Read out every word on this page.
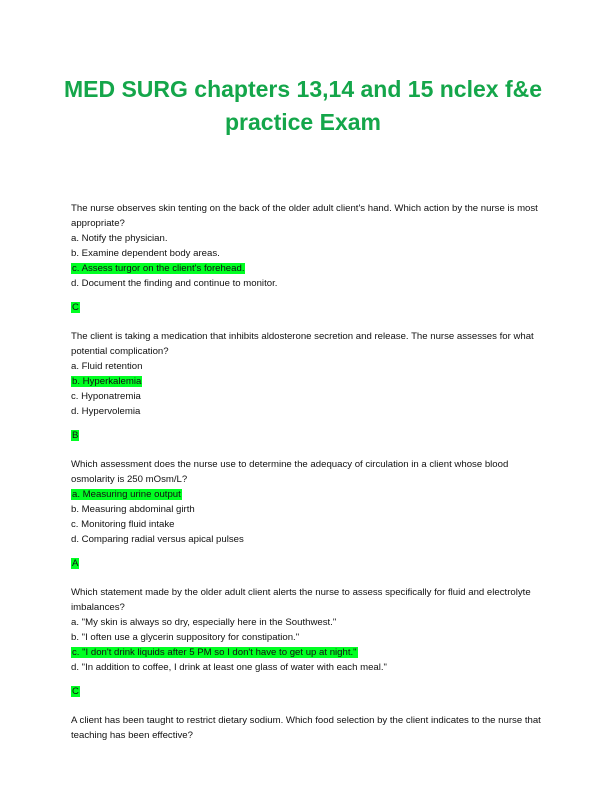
MED SURG chapters 13,14 and 15 nclex f&e
practice Exam

The nurse observes skin tenting on the back of the older adult client's hand. Which action by the nurse is most appropriate?

a. Notify the physician.

b. Examine dependent body areas.

c. Assess turgor on the client's forehead.

d. Document the finding and continue to monitor.

C

The client is taking a medication that inhibits aldosterone secretion and release. The nurse assesses for what potential complication?

a. Fluid retention

b. Hyperkalemia

c. Hyponatremia

d. Hypervolemia

B

Which assessment does the nurse use to determine the adequacy of circulation in a client whose blood osmolarity is 250 mOsm/L?

a. Measuring urine output

b. Measuring abdominal girth

c. Monitoring fluid intake

d. Comparing radial versus apical pulses

A

Which statement made by the older adult client alerts the nurse to assess specifically for fluid and electrolyte imbalances?

a. "My skin is always so dry, especially here in the Southwest."

b. "I often use a glycerin suppository for constipation."

c. "I don't drink liquids after 5 PM so I don't have to get up at night."

d. "In addition to coffee, I drink at least one glass of water with each meal."

C

A client has been taught to restrict dietary sodium. Which food selection by the client indicates to the nurse that teaching has been effective?
